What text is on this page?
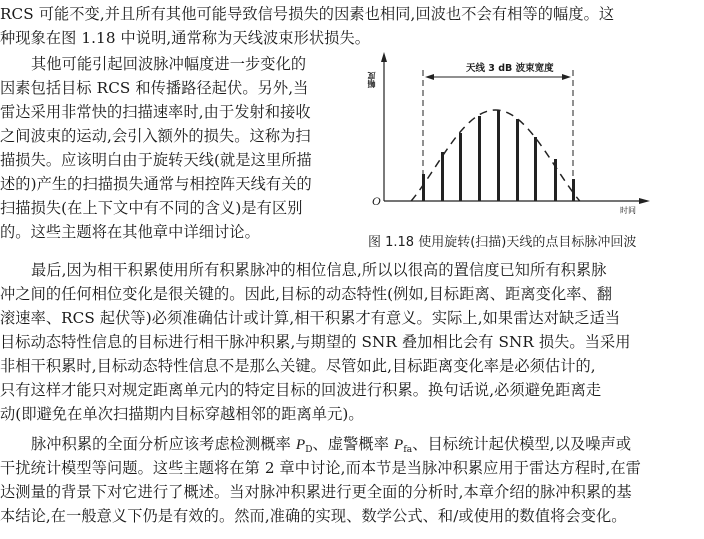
RCS 可能不变,并且所有其他可能导致信号损失的因素也相同,回波也不会有相等的幅度。这
种现象在图 1.18 中说明,通常称为天线波束形状损失。
其他可能引起回波脉冲幅度进一步变化的
因素包括目标 RCS 和传播路径起伏。另外,当
雷达采用非常快的扫描速率时,由于发射和接收
之间波束的运动,会引入额外的损失。这称为扫
描损失。应该明白由于旋转天线(就是这里所描
述的)产生的扫描损失通常与相控阵天线有关的
扫描损失(在上下文中有不同的含义)是有区别
的。这些主题将在其他章中详细讨论。
幅度
时间
O
天线 3 dB 波束宽度
图 1.18 使用旋转(扫描)天线的点目标脉冲回波
最后,因为相干积累使用所有积累脉冲的相位信息,所以以很高的置信度已知所有积累脉
冲之间的任何相位变化是很关键的。因此,目标的动态特性(例如,目标距离、距离变化率、翻
滚速率、RCS 起伏等)必须准确估计或计算,相干积累才有意义。实际上,如果雷达对缺乏适当
目标动态特性信息的目标进行相干脉冲积累,与期望的 SNR 叠加相比会有 SNR 损失。当采用
非相干积累时,目标动态特性信息不是那么关键。尽管如此,目标距离变化率是必须估计的,
只有这样才能只对规定距离单元内的特定目标的回波进行积累。换句话说,必须避免距离走
动(即避免在单次扫描期内目标穿越相邻的距离单元)。
脉冲积累的全面分析应该考虑检测概率 $P_D$、虚警概率 $P_{fa}$、目标统计起伏模型,以及噪声或
干扰统计模型等问题。这些主题将在第 2 章中讨论,而本节是当脉冲积累应用于雷达方程时,在雷
达测量的背景下对它进行了概述。当对脉冲积累进行更全面的分析时,本章介绍的脉冲积累的基
本结论,在一般意义下仍是有效的。然而,准确的实现、数学公式、和/或使用的数值将会变化。
